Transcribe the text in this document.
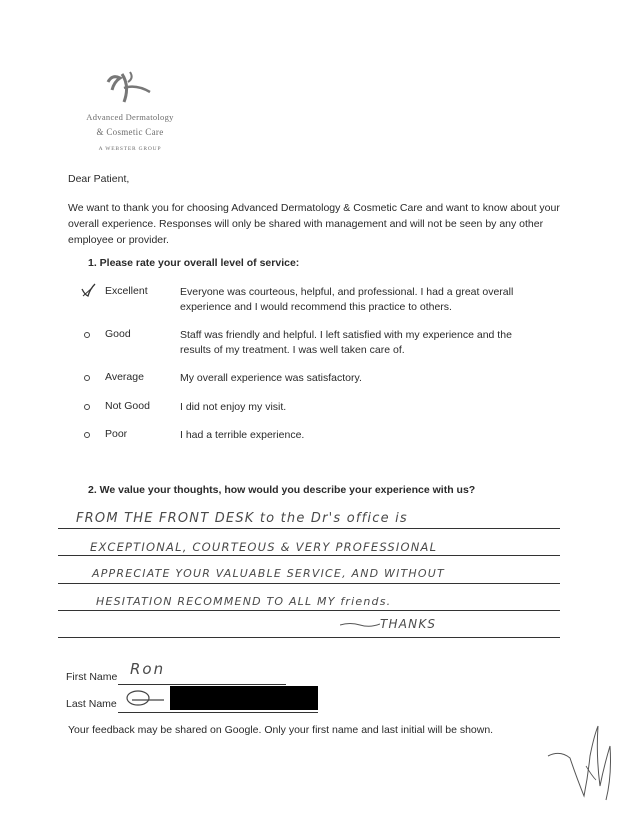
Advanced Dermatology
& Cosmetic Care
A WEBSTER GROUP
Dear Patient,
We want to thank you for choosing Advanced Dermatology & Cosmetic Care and want to know about your overall experience. Responses will only be shared with management and will not be seen by any other employee or provider.
1. Please rate your overall level of service:
Excellent	Everyone was courteous, helpful, and professional. I had a great overall experience and I would recommend this practice to others.
Good	Staff was friendly and helpful. I left satisfied with my experience and the results of my treatment. I was well taken care of.
Average	My overall experience was satisfactory.
Not Good	I did not enjoy my visit.
Poor	I had a terrible experience.
2. We value your thoughts, how would you describe your experience with us?
FROM THE FRONT DESK to the Dr's office is
EXCEPTIONAL, COURTEOUS & VERY PROFESSIONAL
APPRECIATE YOUR VALUABLE SERVICE, AND WITHOUT
HESITATION RECOMMEND TO ALL MY friends.
THANKS
First Name Ron
Last Name
Your feedback may be shared on Google. Only your first name and last initial will be shown.
